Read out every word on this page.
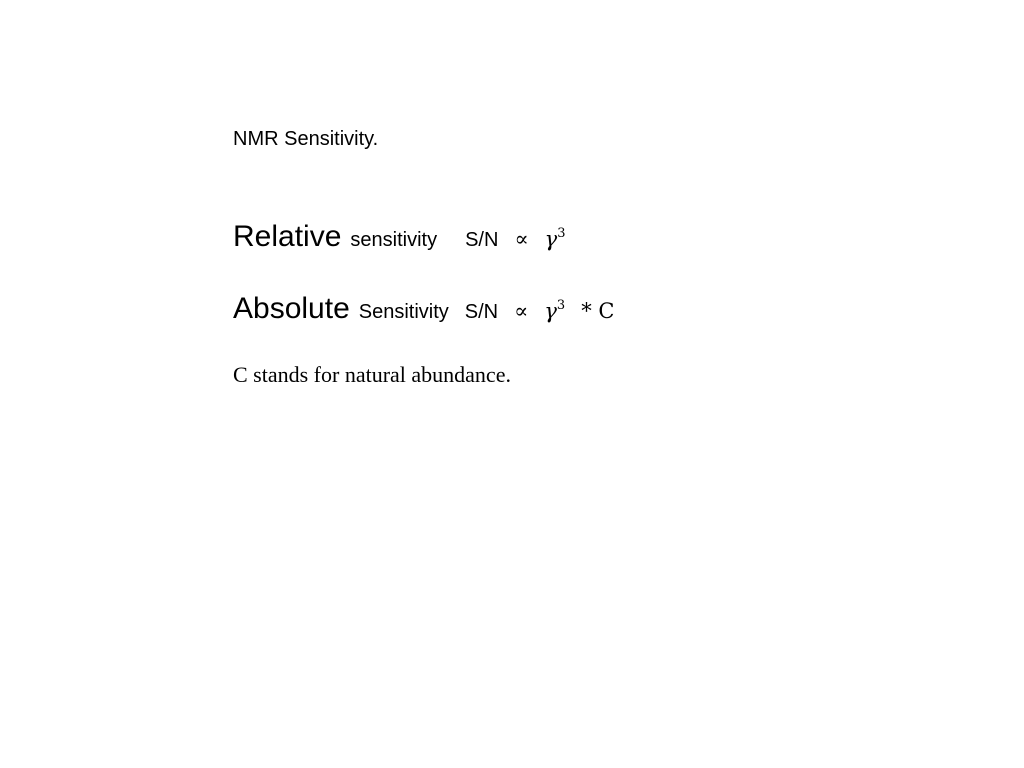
NMR Sensitivity.
Relative sensitivity $S/N \propto \gamma^3$
Absolute Sensitivity $S/N \propto \gamma^3 * C$
C stands for natural abundance.
